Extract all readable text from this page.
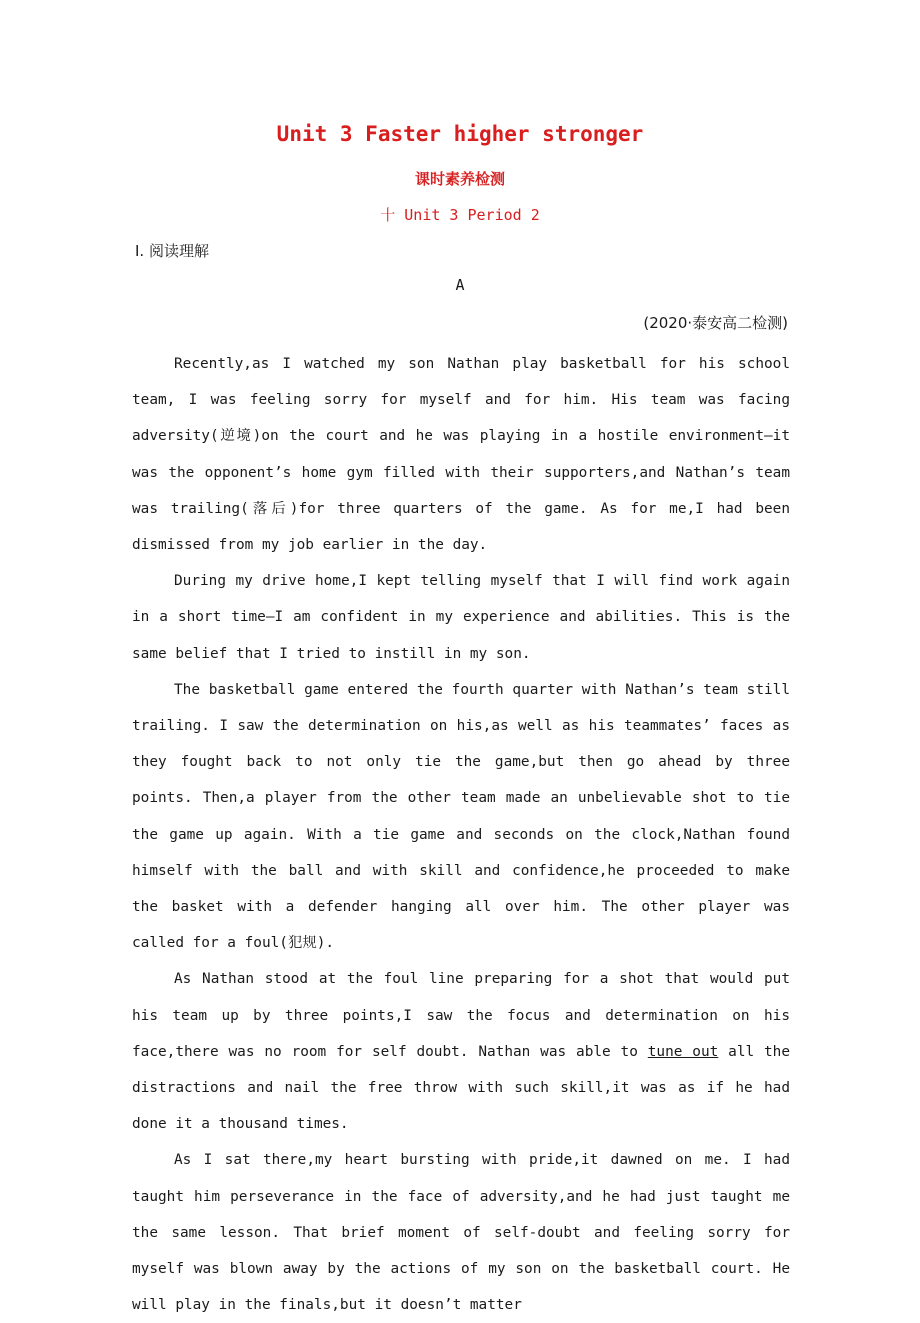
Unit 3 Faster higher stronger
课时素养检测
十 Unit 3 Period 2
Ⅰ. 阅读理解
A
(2020·泰安高二检测)

Recently,as I watched my son Nathan play basketball for his school team, I was feeling sorry for myself and for him. His team was facing adversity(逆境)on the court and he was playing in a hostile environment—it was the opponent’s home gym filled with their supporters,and Nathan’s team was trailing(落后)for three quarters of the game. As for me,I had been dismissed from my job earlier in the day.

During my drive home,I kept telling myself that I will find work again in a short time—I am confident in my experience and abilities. This is the same belief that I tried to instill in my son.

The basketball game entered the fourth quarter with Nathan’s team still trailing. I saw the determination on his,as well as his teammates’ faces as they fought back to not only tie the game,but then go ahead by three points. Then,a player from the other team made an unbelievable shot to tie the game up again. With a tie game and seconds on the clock,Nathan found himself with the ball and with skill and confidence,he proceeded to make the basket with a defender hanging all over him. The other player was called for a foul(犯规).

As Nathan stood at the foul line preparing for a shot that would put his team up by three points,I saw the focus and determination on his face,there was no room for self doubt. Nathan was able to tune out all the distractions and nail the free throw with such skill,it was as if he had done it a thousand times.

As I sat there,my heart bursting with pride,it dawned on me. I had taught him perseverance in the face of adversity,and he had just taught me the same lesson. That brief moment of self-doubt and feeling sorry for myself was blown away by the actions of my son on the basketball court. He will play in the finals,but it doesn’t matter
